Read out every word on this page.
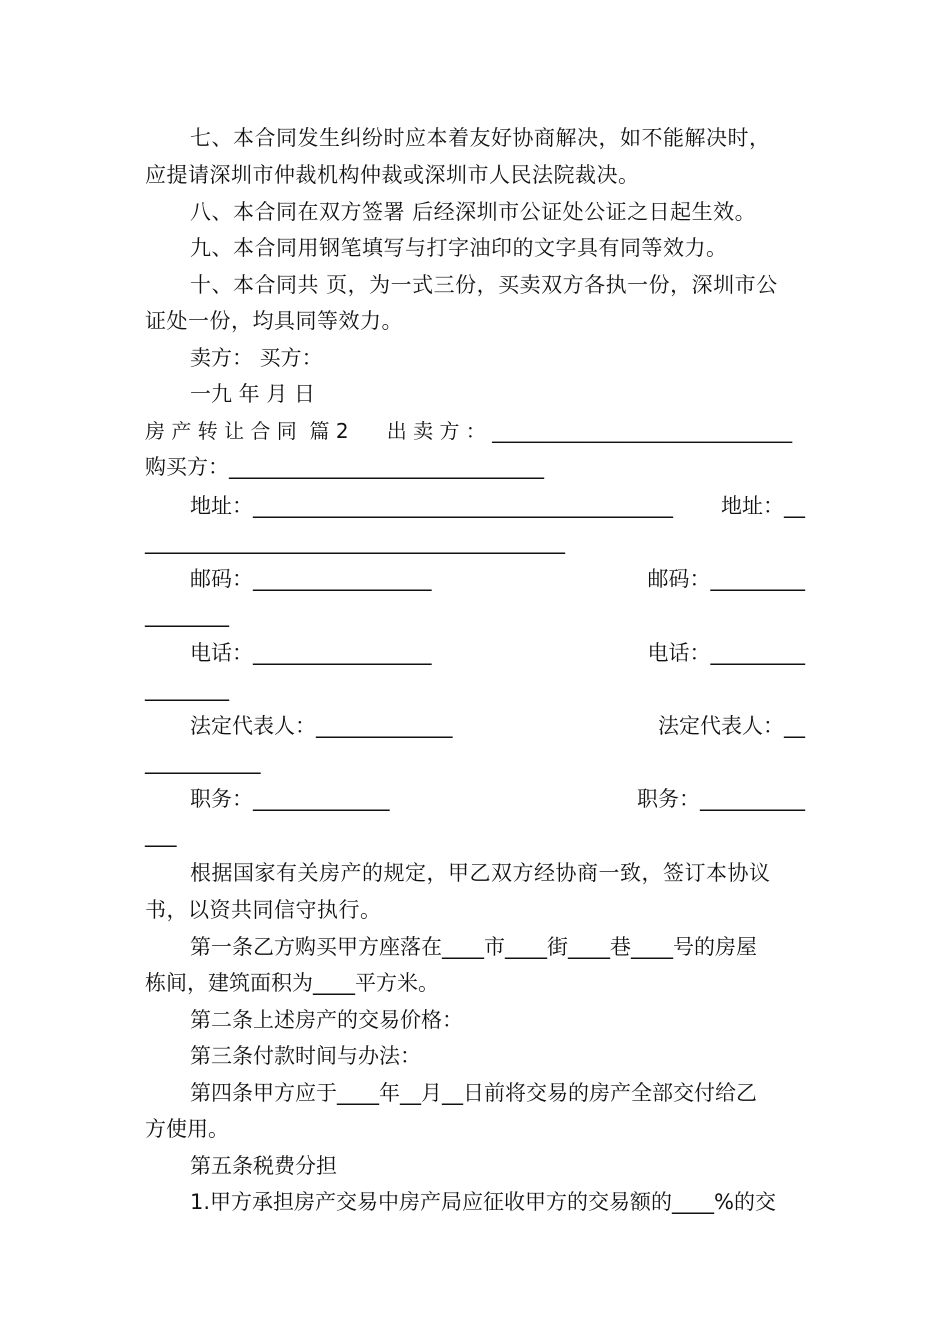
七、本合同发生纠纷时应本着友好协商解决，如不能解决时，
应提请深圳市仲裁机构仲裁或深圳市人民法院裁决。
八、本合同在双方签署 后经深圳市公证处公证之日起生效。
九、本合同用钢笔填写与打字油印的文字具有同等效力。
十、本合同共 页，为一式三份，买卖双方各执一份，深圳市公
证处一份，均具同等效力。
卖方： 买方：
一九 年 月 日
房 产 转 让 合 同  篇 2      出 卖 方 ： ______________________________
购买方：______________________________
地址：________________________________________ 地址：__
________________________________________
邮码：_________________	邮码：_________
________
电话：_________________	电话：_________
________
法定代表人：_____________	法定代表人：__
___________
职务：_____________	职务：__________
___
根据国家有关房产的规定，甲乙双方经协商一致，签订本协议
书，以资共同信守执行。
第一条乙方购买甲方座落在____市____街____巷____号的房屋
栋间，建筑面积为____平方米。
第二条上述房产的交易价格：
第三条付款时间与办法：
第四条甲方应于____年__月__日前将交易的房产全部交付给乙
方使用。
第五条税费分担
1.甲方承担房产交易中房产局应征收甲方的交易额的____%的交
